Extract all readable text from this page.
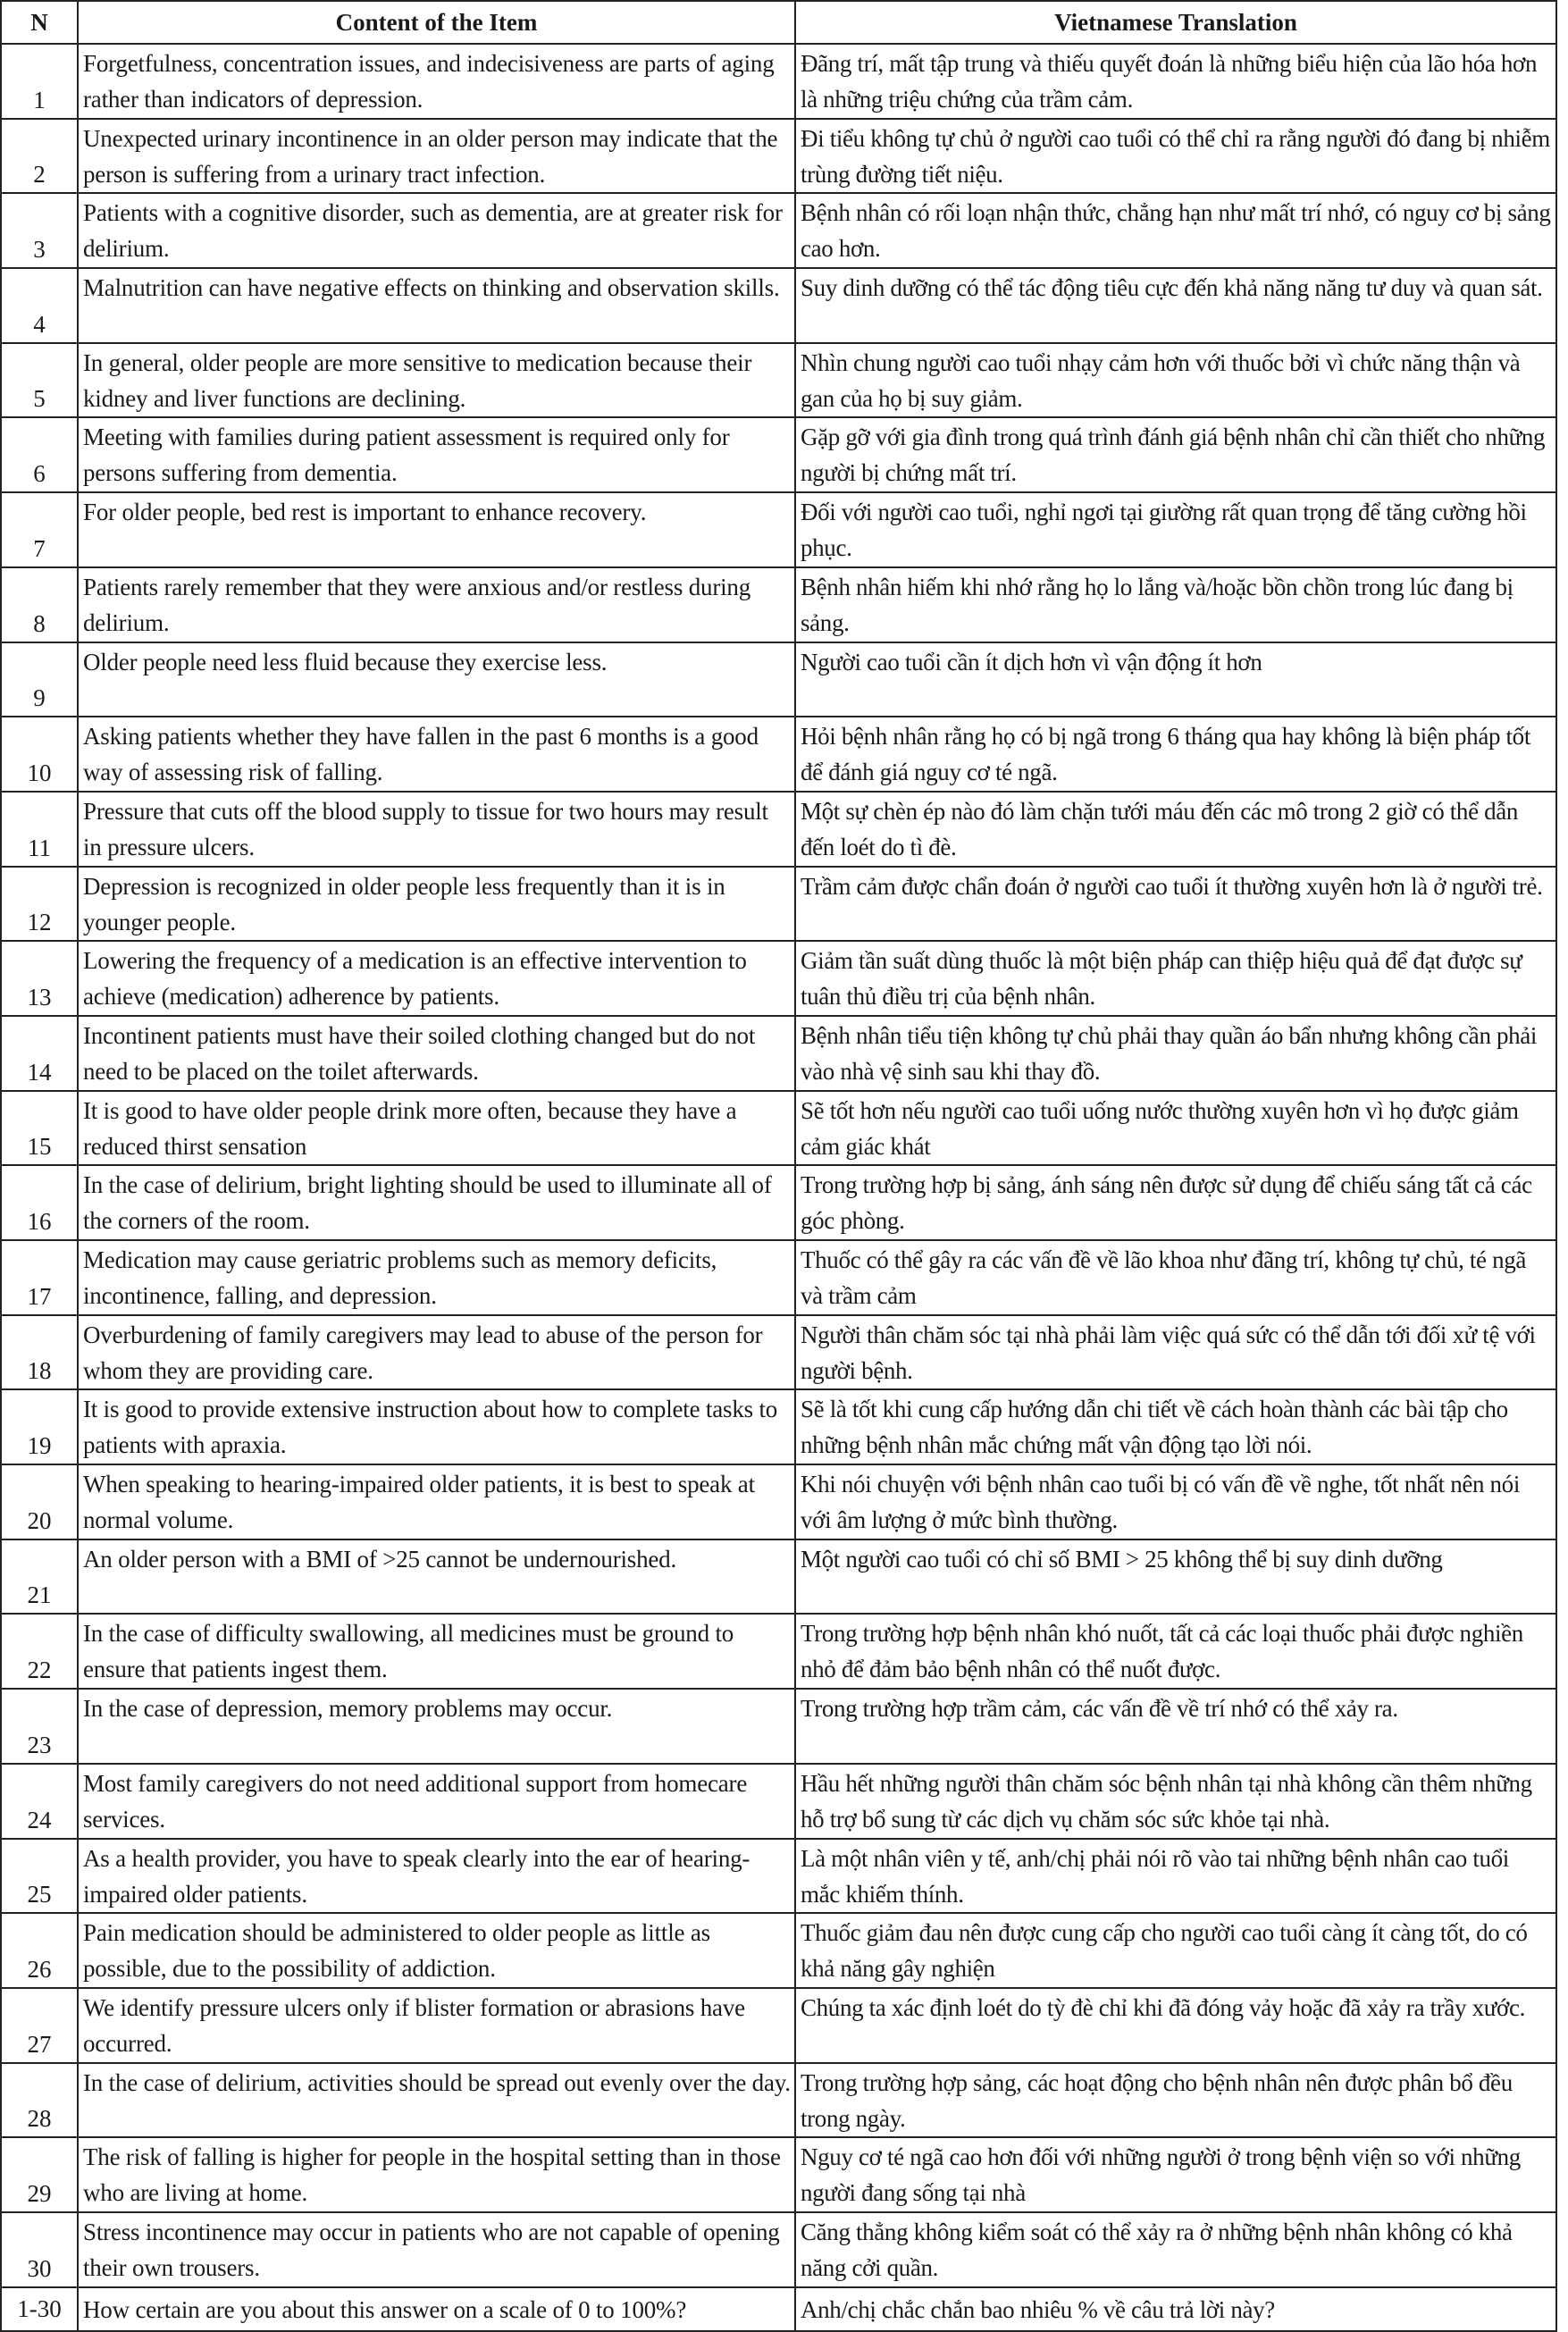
N	Content of the Item	Vietnamese Translation
1	Forgetfulness, concentration issues, and indecisiveness are parts of aging rather than indicators of depression.	Đãng trí, mất tập trung và thiếu quyết đoán là những biểu hiện của lão hóa hơn là những triệu chứng của trầm cảm.
2	Unexpected urinary incontinence in an older person may indicate that the person is suffering from a urinary tract infection.	Đi tiểu không tự chủ ở người cao tuổi có thể chỉ ra rằng người đó đang bị nhiễm trùng đường tiết niệu.
3	Patients with a cognitive disorder, such as dementia, are at greater risk for delirium.	Bệnh nhân có rối loạn nhận thức, chẳng hạn như mất trí nhớ, có nguy cơ bị sảng cao hơn.
4	Malnutrition can have negative effects on thinking and observation skills.	Suy dinh dưỡng có thể tác động tiêu cực đến khả năng năng tư duy và quan sát.
5	In general, older people are more sensitive to medication because their kidney and liver functions are declining.	Nhìn chung người cao tuổi nhạy cảm hơn với thuốc bởi vì chức năng thận và gan của họ bị suy giảm.
6	Meeting with families during patient assessment is required only for persons suffering from dementia.	Gặp gỡ với gia đình trong quá trình đánh giá bệnh nhân chỉ cần thiết cho những người bị chứng mất trí.
7	For older people, bed rest is important to enhance recovery.	Đối với người cao tuổi, nghỉ ngơi tại giường rất quan trọng để tăng cường hồi phục.
8	Patients rarely remember that they were anxious and/or restless during delirium.	Bệnh nhân hiếm khi nhớ rằng họ lo lắng và/hoặc bồn chồn trong lúc đang bị sảng.
9	Older people need less fluid because they exercise less.	Người cao tuổi cần ít dịch hơn vì vận động ít hơn
10	Asking patients whether they have fallen in the past 6 months is a good way of assessing risk of falling.	Hỏi bệnh nhân rằng họ có bị ngã trong 6 tháng qua hay không là biện pháp tốt để đánh giá nguy cơ té ngã.
11	Pressure that cuts off the blood supply to tissue for two hours may result in pressure ulcers.	Một sự chèn ép nào đó làm chặn tưới máu đến các mô trong 2 giờ có thể dẫn đến loét do tì đè.
12	Depression is recognized in older people less frequently than it is in younger people.	Trầm cảm được chẩn đoán ở người cao tuổi ít thường xuyên hơn là ở người trẻ.
13	Lowering the frequency of a medication is an effective intervention to achieve (medication) adherence by patients.	Giảm tần suất dùng thuốc là một biện pháp can thiệp hiệu quả để đạt được sự tuân thủ điều trị của bệnh nhân.
14	Incontinent patients must have their soiled clothing changed but do not need to be placed on the toilet afterwards.	Bệnh nhân tiểu tiện không tự chủ phải thay quần áo bẩn nhưng không cần phải vào nhà vệ sinh sau khi thay đồ.
15	It is good to have older people drink more often, because they have a reduced thirst sensation	Sẽ tốt hơn nếu người cao tuổi uống nước thường xuyên hơn vì họ được giảm cảm giác khát
16	In the case of delirium, bright lighting should be used to illuminate all of the corners of the room.	Trong trường hợp bị sảng, ánh sáng nên được sử dụng để chiếu sáng tất cả các góc phòng.
17	Medication may cause geriatric problems such as memory deficits, incontinence, falling, and depression.	Thuốc có thể gây ra các vấn đề về lão khoa như đãng trí, không tự chủ, té ngã và trầm cảm
18	Overburdening of family caregivers may lead to abuse of the person for whom they are providing care.	Người thân chăm sóc tại nhà phải làm việc quá sức có thể dẫn tới đối xử tệ với người bệnh.
19	It is good to provide extensive instruction about how to complete tasks to patients with apraxia.	Sẽ là tốt khi cung cấp hướng dẫn chi tiết về cách hoàn thành các bài tập cho những bệnh nhân mắc chứng mất vận động tạo lời nói.
20	When speaking to hearing-impaired older patients, it is best to speak at normal volume.	Khi nói chuyện với bệnh nhân cao tuổi bị có vấn đề về nghe, tốt nhất nên nói với âm lượng ở mức bình thường.
21	An older person with a BMI of >25 cannot be undernourished.	Một người cao tuổi có chỉ số BMI > 25 không thể bị suy dinh dưỡng
22	In the case of difficulty swallowing, all medicines must be ground to ensure that patients ingest them.	Trong trường hợp bệnh nhân khó nuốt, tất cả các loại thuốc phải được nghiền nhỏ để đảm bảo bệnh nhân có thể nuốt được.
23	In the case of depression, memory problems may occur.	Trong trường hợp trầm cảm, các vấn đề về trí nhớ có thể xảy ra.
24	Most family caregivers do not need additional support from homecare services.	Hầu hết những người thân chăm sóc bệnh nhân tại nhà không cần thêm những hỗ trợ bổ sung từ các dịch vụ chăm sóc sức khỏe tại nhà.
25	As a health provider, you have to speak clearly into the ear of hearing-impaired older patients.	Là một nhân viên y tế, anh/chị phải nói rõ vào tai những bệnh nhân cao tuổi mắc khiếm thính.
26	Pain medication should be administered to older people as little as possible, due to the possibility of addiction.	Thuốc giảm đau nên được cung cấp cho người cao tuổi càng ít càng tốt, do có khả năng gây nghiện
27	We identify pressure ulcers only if blister formation or abrasions have occurred.	Chúng ta xác định loét do tỳ đè chỉ khi đã đóng vảy hoặc đã xảy ra trầy xước.
28	In the case of delirium, activities should be spread out evenly over the day.	Trong trường hợp sảng, các hoạt động cho bệnh nhân nên được phân bổ đều trong ngày.
29	The risk of falling is higher for people in the hospital setting than in those who are living at home.	Nguy cơ té ngã cao hơn đối với những người ở trong bệnh viện so với những người đang sống tại nhà
30	Stress incontinence may occur in patients who are not capable of opening their own trousers.	Căng thẳng không kiểm soát có thể xảy ra ở những bệnh nhân không có khả năng cởi quần.
1-30	How certain are you about this answer on a scale of 0 to 100%?	Anh/chị chắc chắn bao nhiêu % về câu trả lời này?
